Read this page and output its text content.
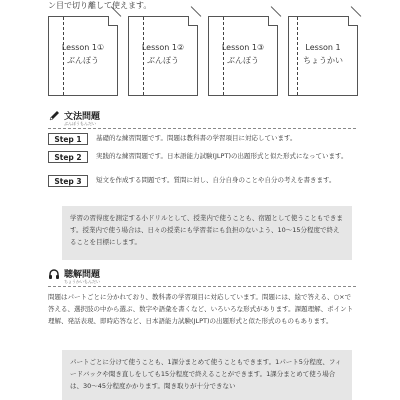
ン目で切り離して使えます。
Lesson 1①
ぶんぽう
Lesson 1②
ぶんぽう
Lesson 1③
ぶんぽう
Lesson 1
ちょうかい
文法問題
ぶんぽうもんだい
Step 1	基礎的な練習問題です。問題は教科書の学習項目に対応しています。
Step 2	実践的な練習問題です。日本語能力試験(JLPT)の出題形式と似た形式になっています。
Step 3	短文を作成する問題です。質問に対し、自分自身のことや自分の考えを書きます。
学習の習得度を測定する小ドリルとして、授業内で使うことも、宿題として使うこともできます。授業内で使う場合は、日々の授業にも学習者にも負担のないよう、10～15分程度で終えることを目標にします。
聴解問題
ちょうかいもんだい
問題はパートごとに分かれており、教科書の学習項目に対応しています。問題には、絵で答える、○×で答える、選択肢の中から選ぶ、数字や語彙を書くなど、いろいろな形式があります。課題理解、ポイント理解、発話表現、即時応答など、日本語能力試験(JLPT)の出題形式と似た形式のものもあります。
パートごとに分けて使うことも、1課分まとめて使うこともできます。1パート5分程度、フィードバックや聞き直しをしても15分程度で終えることができます。1課分まとめて使う場合は、30～45分程度かかります。聞き取りが十分できない
